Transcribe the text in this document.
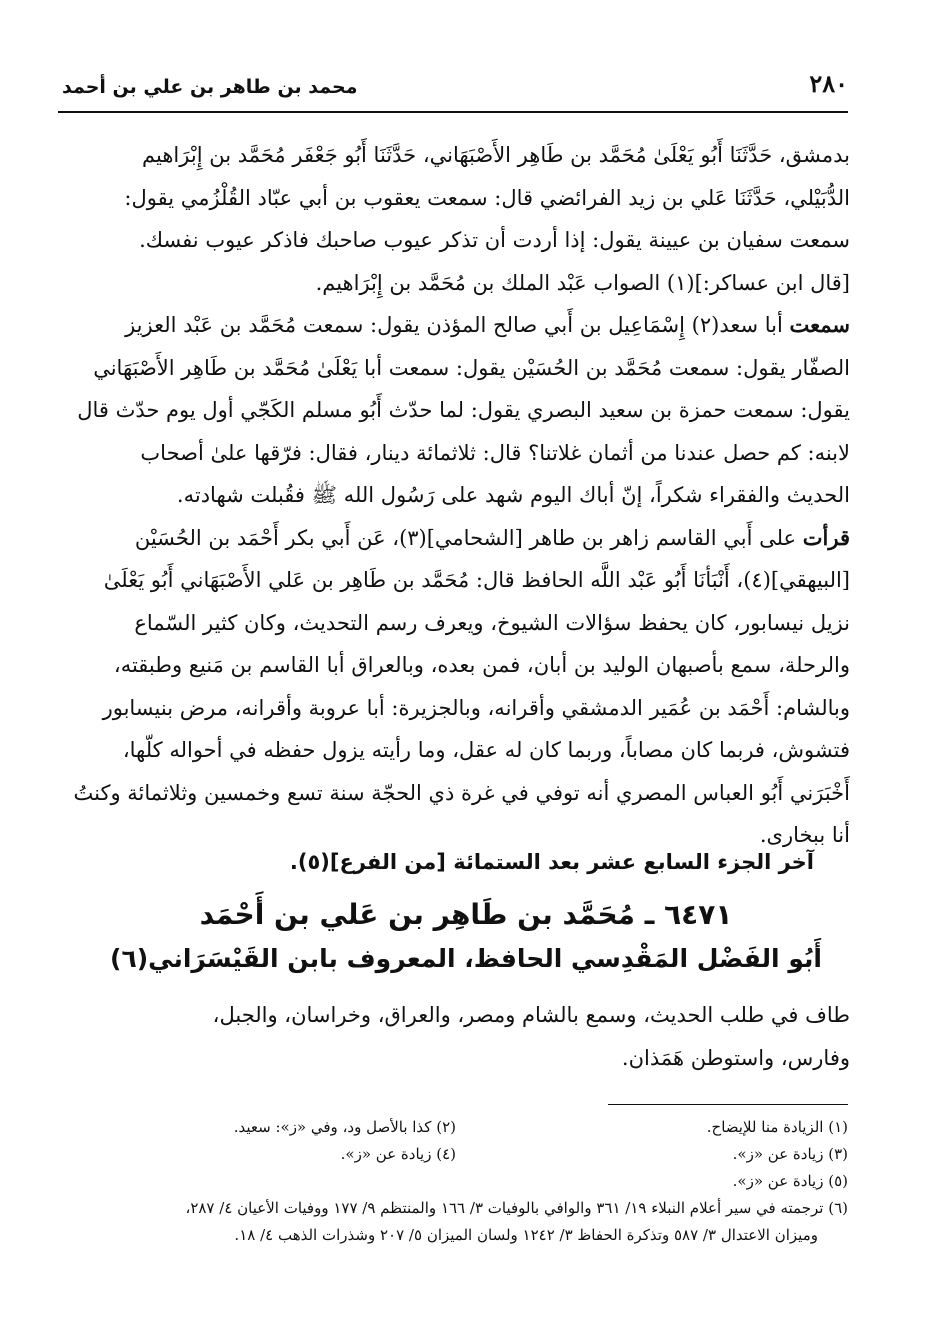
٢٨٠
محمد بن طاهر بن علي بن أحمد
بدمشق، حَدَّثَنَا أَبُو يَعْلَىٰ مُحَمَّد بن طَاهِر الأَصْبَهَاني، حَدَّثَنَا أَبُو جَعْفَر مُحَمَّد بن إِبْرَاهيم
الدُّبَيْلي، حَدَّثَنَا عَلي بن زيد الفرائضي قال: سمعت يعقوب بن أبي عبّاد القُلْزُمي يقول:
سمعت سفيان بن عيينة يقول: إذا أردت أن تذكر عيوب صاحبك فاذكر عيوب نفسك.
[قال ابن عساكر:](١) الصواب عَبْد الملك بن مُحَمَّد بن إِبْرَاهيم.
سمعت أبا سعد(٢) إِسْمَاعِيل بن أَبي صالح المؤذن يقول: سمعت مُحَمَّد بن عَبْد العزيز
الصفّار يقول: سمعت مُحَمَّد بن الحُسَيْن يقول: سمعت أبا يَعْلَىٰ مُحَمَّد بن طَاهِر الأَصْبَهَاني
يقول: سمعت حمزة بن سعيد البصري يقول: لما حدّث أَبُو مسلم الكَجّي أول يوم حدّث قال
لابنه: كم حصل عندنا من أثمان غلاتنا؟ قال: ثلاثمائة دينار، فقال: فرّقها علىٰ أصحاب
الحديث والفقراء شكراً، إنّ أباك اليوم شهد على رَسُول الله ﷺ فقُبلت شهادته.
قرأت على أَبي القاسم زاهر بن طاهر [الشحامي](٣)، عَن أَبي بكر أَحْمَد بن الحُسَيْن
[البيهقي](٤)، أَنْبَأنَا أَبُو عَبْد اللَّه الحافظ قال: مُحَمَّد بن طَاهِر بن عَلي الأَصْبَهَاني أَبُو يَعْلَىٰ
نزيل نيسابور، كان يحفظ سؤالات الشيوخ، ويعرف رسم التحديث، وكان كثير السّماع
والرحلة، سمع بأصبهان الوليد بن أبان، فمن بعده، وبالعراق أبا القاسم بن مَنيع وطبقته،
وبالشام: أَحْمَد بن عُمَير الدمشقي وأقرانه، وبالجزيرة: أبا عروبة وأقرانه، مرض بنيسابور
فتشوش، فربما كان مصاباً، وربما كان له عقل، وما رأيته يزول حفظه في أحواله كلّها،
أَخْبَرَني أَبُو العباس المصري أنه توفي في غرة ذي الحجّة سنة تسع وخمسين وثلاثمائة وكنتُ
أنا ببخارى.
آخر الجزء السابع عشر بعد الستمائة [من الفرع](٥).
٦٤٧١ ـ مُحَمَّد بن طَاهِر بن عَلي بن أَحْمَد
أَبُو الفَضْل المَقْدِسي الحافظ، المعروف بابن القَيْسَرَاني(٦)
طاف في طلب الحديث، وسمع بالشام ومصر، والعراق، وخراسان، والجبل،
وفارس، واستوطن هَمَذان.
(١) الزيادة منا للإيضاح.
(٢) كذا بالأصل ود، وفي «ز»: سعيد.
(٣) زيادة عن «ز».
(٤) زيادة عن «ز».
(٥) زيادة عن «ز».
(٦) ترجمته في سير أعلام النبلاء ١٩/ ٣٦١ والوافي بالوفيات ٣/ ١٦٦ والمنتظم ٩/ ١٧٧ ووفيات الأعيان ٤/ ٢٨٧،
وميزان الاعتدال ٣/ ٥٨٧ وتذكرة الحفاظ ٣/ ١٢٤٢ ولسان الميزان ٥/ ٢٠٧ وشذرات الذهب ٤/ ١٨.
